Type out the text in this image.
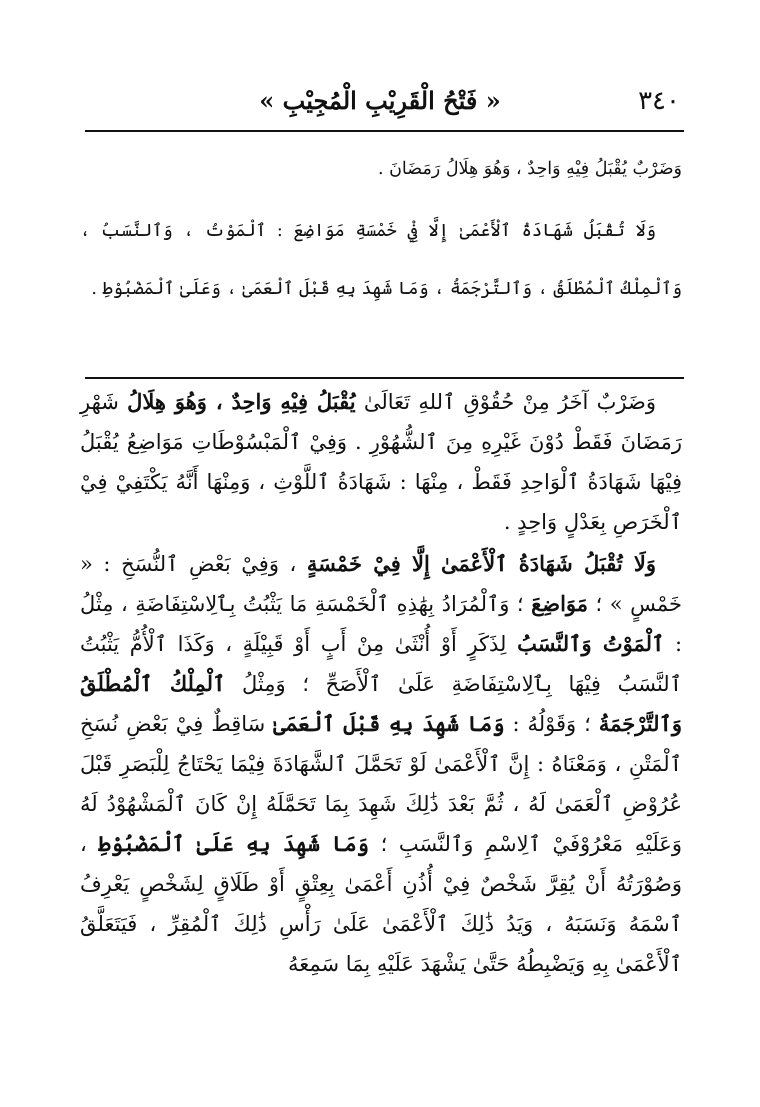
٣٤٠
« فَتْحُ الْقَرِيْبِ الْمُجِيْبِ »

وَضَرْبٌ يُقْبَلُ فِيْهِ وَاحِدٌ ، وَهُوَ هِلَالُ رَمَضَانَ .

وَلَا تُقْبَلُ شَهَادَةُ ٱلْأَعْمَىٰ إِلَّا فِيْ خَمْسَةِ مَوَاضِعَ : ٱلْمَوْتُ ، وَٱلنَّسَبُ ، وَٱلْمِلْكُ ٱلْمُطْلَقُ ، وَٱلتَّرْجَمَةُ ، وَمَا شَهِدَ بِهِ قَبْلَ ٱلْعَمَىٰ ، وَعَلَىٰ ٱلْمَضْبُوْطِ .

وَضَرْبٌ آخَرُ مِنْ حُقُوْقِ ٱللهِ تَعَالَىٰ يُقْبَلُ فِيْهِ وَاحِدٌ ، وَهُوَ هِلَالُ شَهْرِ رَمَضَانَ فَقَطْ دُوْنَ غَيْرِهِ مِنَ ٱلشُّهُوْرِ . وَفِيْ ٱلْمَبْسُوْطَاتِ مَوَاضِعُ يُقْبَلُ فِيْهَا شَهَادَةُ ٱلْوَاحِدِ فَقَطْ ، مِنْهَا : شَهَادَةُ ٱللَّوْثِ ، وَمِنْهَا أَنَّهُ يَكْتَفِيْ فِيْ ٱلْخَرَصِ بِعَدْلٍ وَاحِدٍ .

وَلَا تُقْبَلُ شَهَادَةُ ٱلْأَعْمَىٰ إِلَّا فِيْ خَمْسَةٍ ، وَفِيْ بَعْضِ ٱلنُّسَخِ : « خَمْسٍ » ؛ مَوَاضِعَ ؛ وَٱلْمُرَادُ بِهَٰذِهِ ٱلْخَمْسَةِ مَا يَثْبُتُ بِٱلِاسْتِفَاضَةِ ، مِثْلُ : ٱلْمَوْتُ وَٱلنَّسَبُ لِذَكَرٍ أَوْ أُنْثَىٰ مِنْ أَبٍ أَوْ قَبِيْلَةٍ ، وَكَذَا ٱلْأُمُّ يَثْبُتُ ٱلنَّسَبُ فِيْهَا بِٱلِاسْتِفَاضَةِ عَلَىٰ ٱلْأَصَحِّ ؛ وَمِثْلُ ٱلْمِلْكُ ٱلْمُطْلَقُ وَٱلتَّرْجَمَةُ ؛ وَقَوْلُهُ : وَمَا شَهِدَ بِهِ قَبْلَ ٱلْعَمَىٰ سَاقِطٌ فِيْ بَعْضِ نُسَخِ ٱلْمَتْنِ ، وَمَعْنَاهُ : إِنَّ ٱلْأَعْمَىٰ لَوْ تَحَمَّلَ ٱلشَّهَادَةَ فِيْمَا يَحْتَاجُ لِلْبَصَرِ قَبْلَ عُرُوْضِ ٱلْعَمَىٰ لَهُ ، ثُمَّ بَعْدَ ذَٰلِكَ شَهِدَ بِمَا تَحَمَّلَهُ إِنْ كَانَ ٱلْمَشْهُوْدُ لَهُ وَعَلَيْهِ مَعْرُوْفَيْ ٱلِاسْمِ وَٱلنَّسَبِ ؛ وَمَا شَهِدَ بِهِ عَلَىٰ ٱلْمَضْبُوْطِ ، وَصُوْرَتُهُ أَنْ يُقِرَّ شَخْصٌ فِيْ أُذُنِ أَعْمَىٰ بِعِتْقٍ أَوْ طَلَاقٍ لِشَخْصٍ يَعْرِفُ ٱسْمَهُ وَنَسَبَهُ ، وَيَدُ ذَٰلِكَ ٱلْأَعْمَىٰ عَلَىٰ رَأْسِ ذَٰلِكَ ٱلْمُقِرِّ ، فَيَتَعَلَّقُ ٱلْأَعْمَىٰ بِهِ وَيَضْبِطُهُ حَتَّىٰ يَشْهَدَ عَلَيْهِ بِمَا سَمِعَهُ
